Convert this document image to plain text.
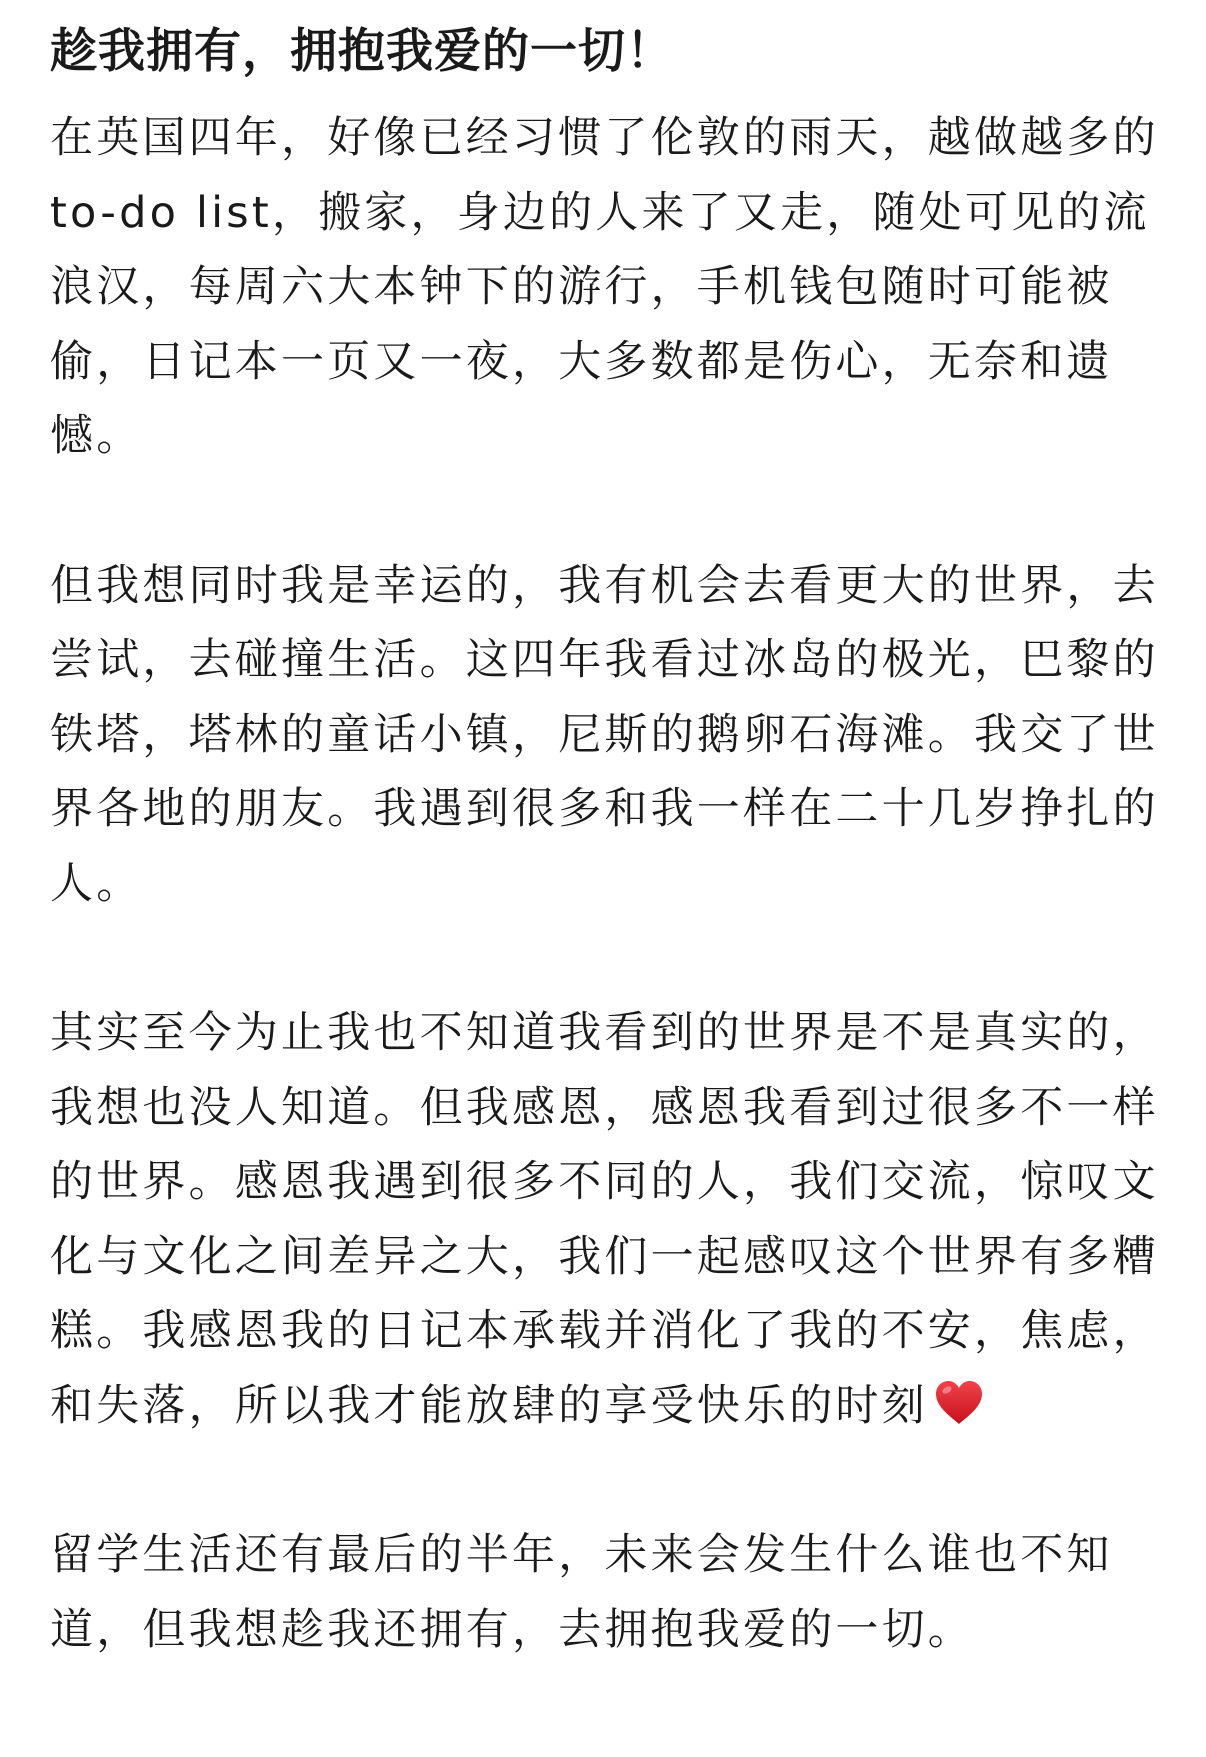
趁我拥有，拥抱我爱的一切！

在英国四年，好像已经习惯了伦敦的雨天，越做越多的to-do list，搬家，身边的人来了又走，随处可见的流浪汉，每周六大本钟下的游行，手机钱包随时可能被偷，日记本一页又一夜，大多数都是伤心，无奈和遗憾。

但我想同时我是幸运的，我有机会去看更大的世界，去尝试，去碰撞生活。这四年我看过冰岛的极光，巴黎的铁塔，塔林的童话小镇，尼斯的鹅卵石海滩。我交了世界各地的朋友。我遇到很多和我一样在二十几岁挣扎的人。

其实至今为止我也不知道我看到的世界是不是真实的，我想也没人知道。但我感恩，感恩我看到过很多不一样的世界。感恩我遇到很多不同的人，我们交流，惊叹文化与文化之间差异之大，我们一起感叹这个世界有多糟糕。我感恩我的日记本承载并消化了我的不安，焦虑，和失落，所以我才能放肆的享受快乐的时刻

留学生活还有最后的半年，未来会发生什么谁也不知道，但我想趁我还拥有，去拥抱我爱的一切。
